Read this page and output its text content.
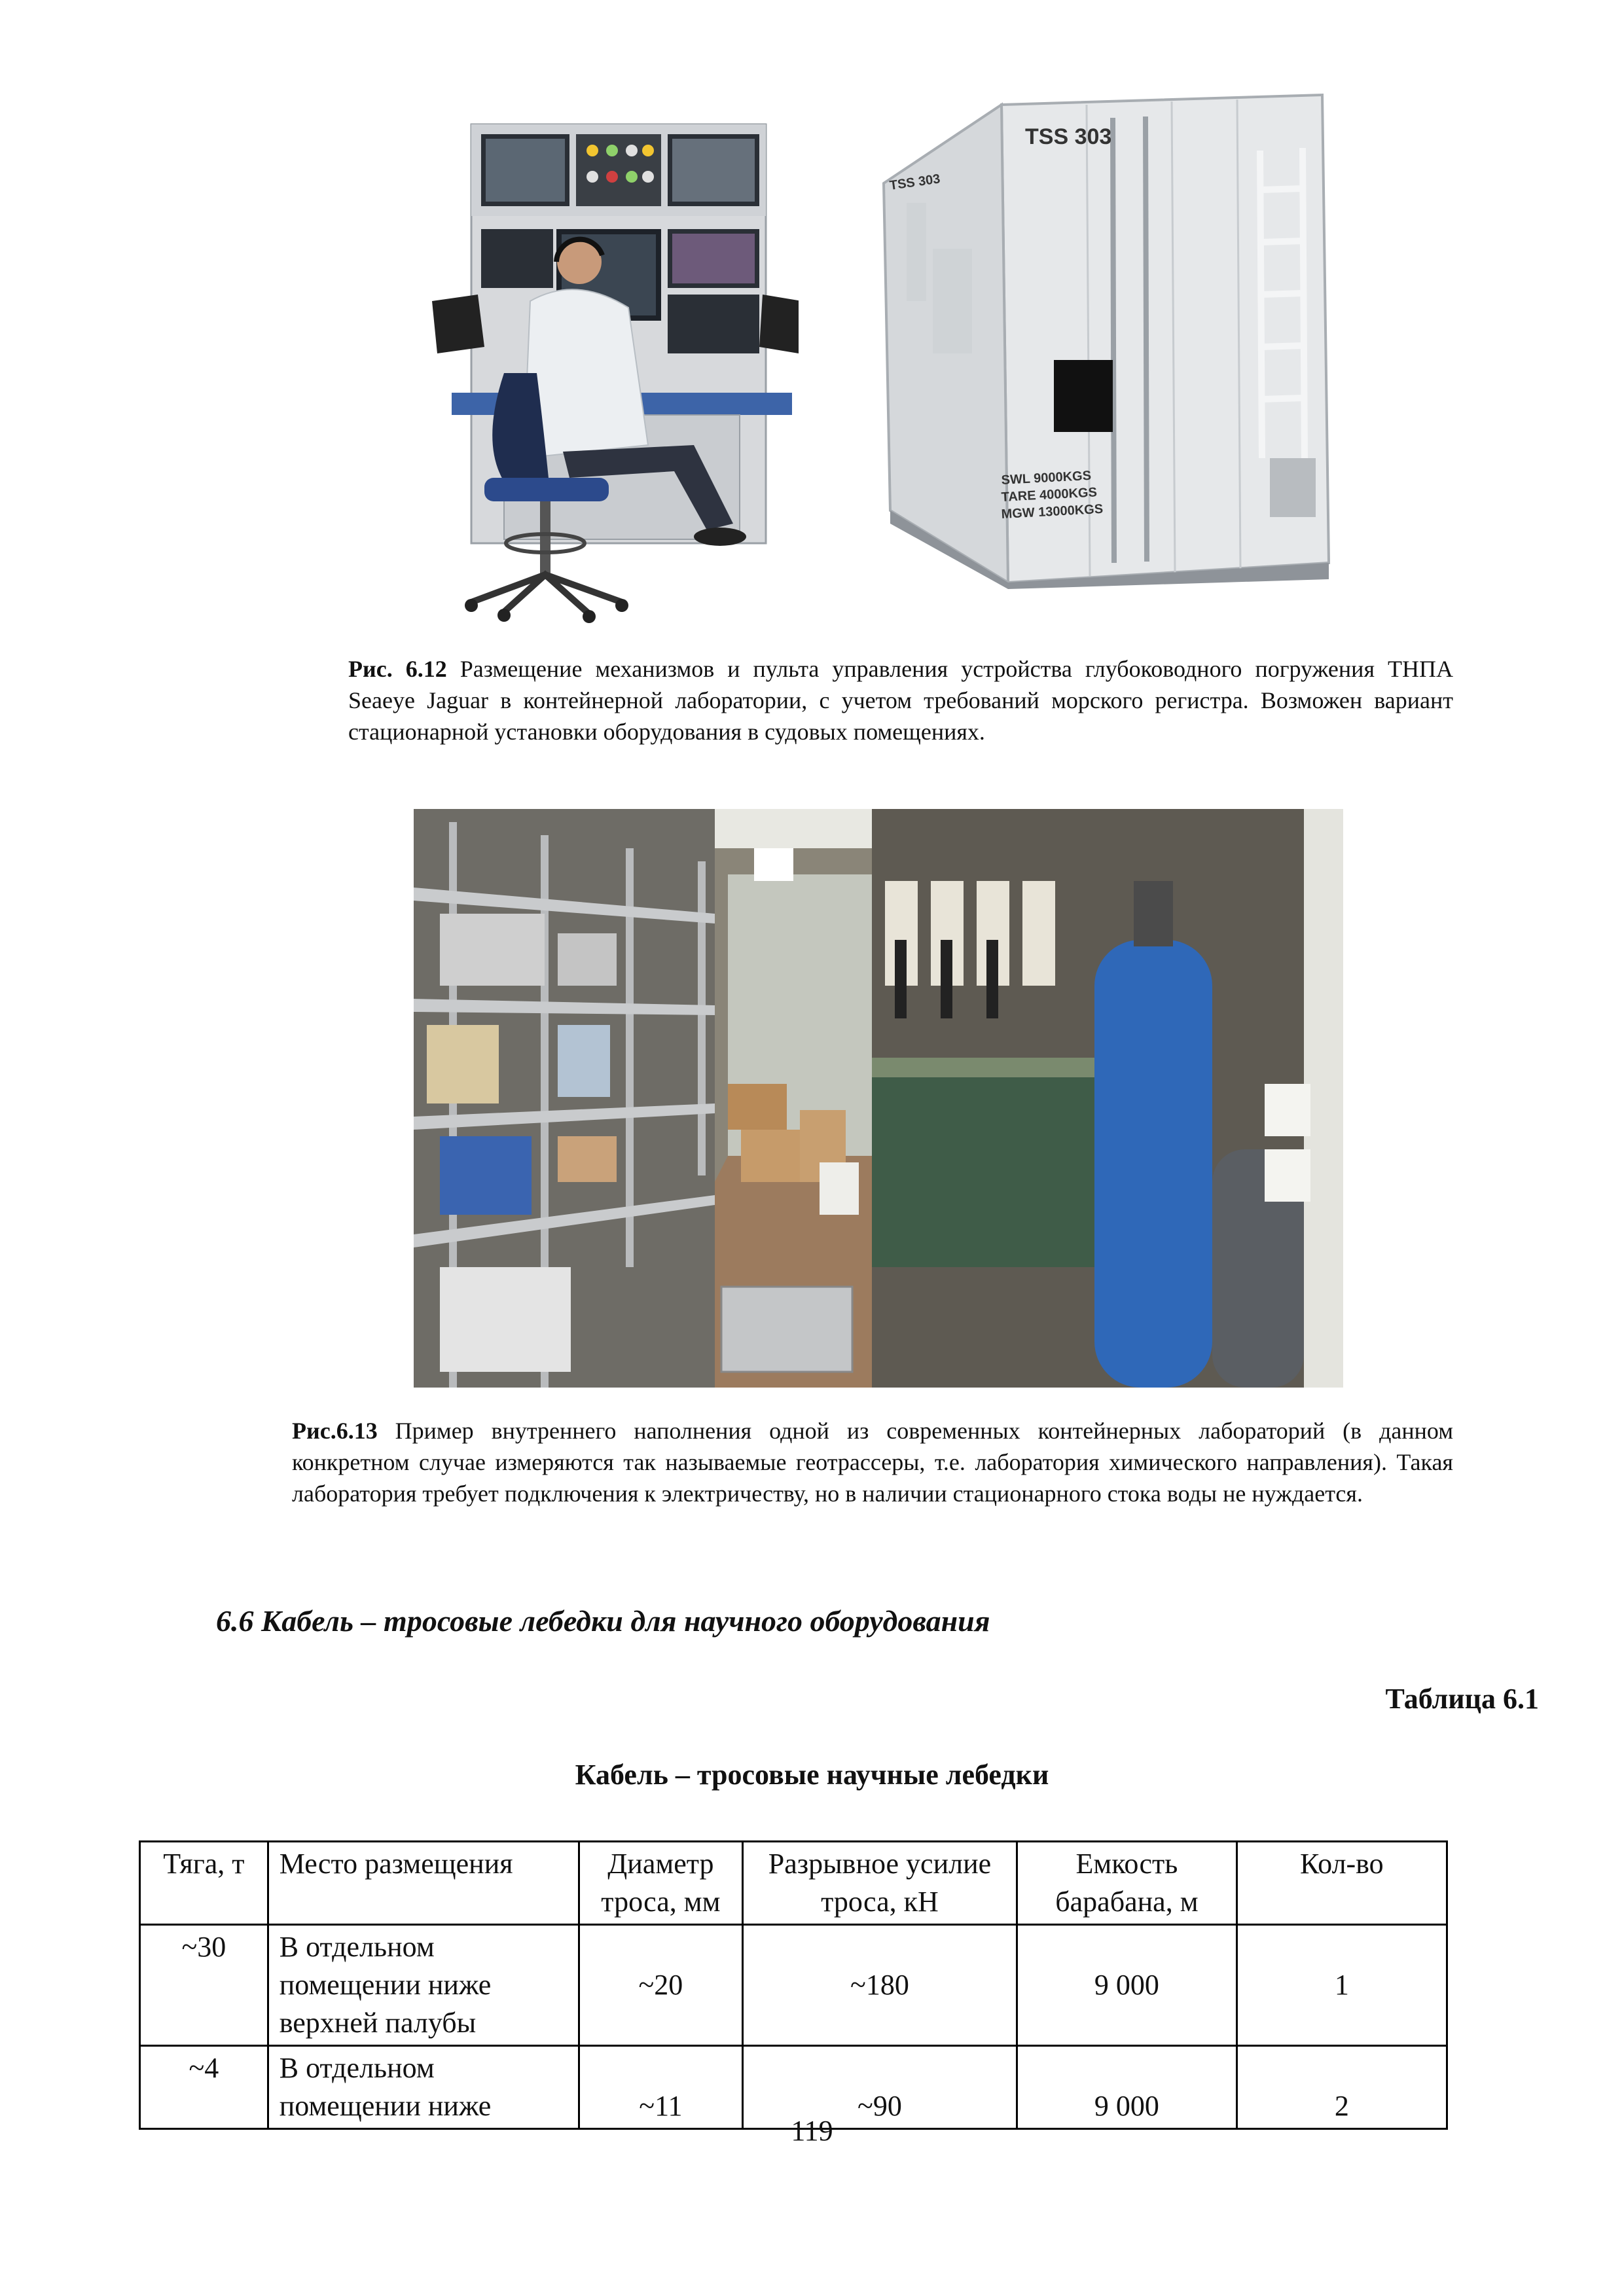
TSS 303
TSS 303
SWL 9000KGS
TARE 4000KGS
MGW 13000KGS
Рис. 6.12 Размещение механизмов и пульта управления устройства глубоководного погружения ТНПА Seaeye Jaguar в контейнерной лаборатории, с учетом требований морского регистра. Возможен вариант стационарной установки оборудования в судовых помещениях.
Рис.6.13 Пример внутреннего наполнения одной из современных контейнерных лабораторий (в данном конкретном случае измеряются так называемые геотрассеры, т.е. лаборатория химического направления). Такая лаборатория требует подключения к электричеству, но в наличии стационарного стока воды не нуждается.
6.6 Кабель – тросовые лебедки для научного оборудования
Таблица 6.1
Кабель – тросовые научные лебедки
Тяга, т	Место размещения	Диаметр троса, мм	Разрывное усилие троса, кН	Емкость барабана, м	Кол-во
~30	В отдельном помещении ниже верхней палубы	~20	~180	9 000	1
~4	В отдельном помещении ниже	~11	~90	9 000	2
119
